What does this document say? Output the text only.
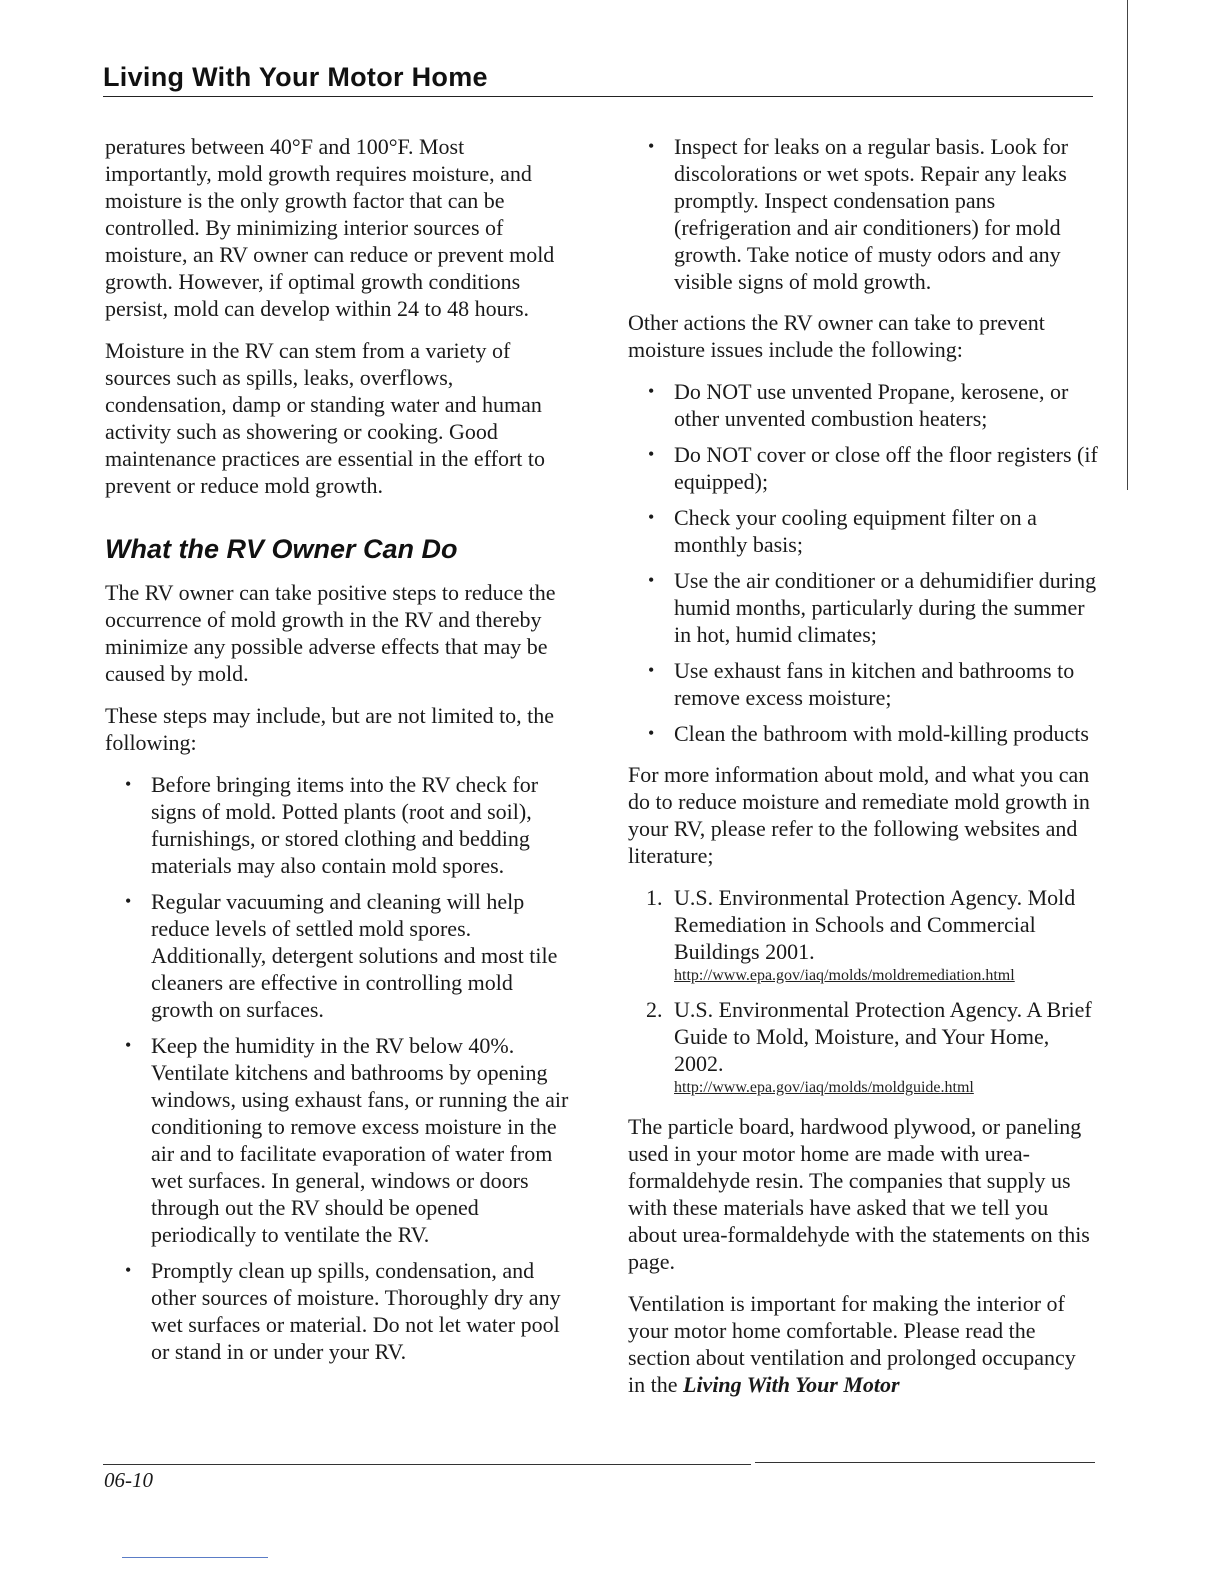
Living With Your Motor Home

peratures between 40°F and 100°F. Most importantly, mold growth requires moisture, and moisture is the only growth factor that can be controlled. By minimizing interior sources of moisture, an RV owner can reduce or prevent mold growth. However, if optimal growth conditions persist, mold can develop within 24 to 48 hours.

Moisture in the RV can stem from a variety of sources such as spills, leaks, overflows, condensation, damp or standing water and human activity such as showering or cooking. Good maintenance practices are essential in the effort to prevent or reduce mold growth.

What the RV Owner Can Do

The RV owner can take positive steps to reduce the occurrence of mold growth in the RV and thereby minimize any possible adverse effects that may be caused by mold.

These steps may include, but are not limited to, the following:

• Before bringing items into the RV check for signs of mold. Potted plants (root and soil), furnishings, or stored clothing and bedding materials may also contain mold spores.
• Regular vacuuming and cleaning will help reduce levels of settled mold spores. Additionally, detergent solutions and most tile cleaners are effective in controlling mold growth on surfaces.
• Keep the humidity in the RV below 40%. Ventilate kitchens and bathrooms by opening windows, using exhaust fans, or running the air conditioning to remove excess moisture in the air and to facilitate evaporation of water from wet surfaces. In general, windows or doors through out the RV should be opened periodically to ventilate the RV.
• Promptly clean up spills, condensation, and other sources of moisture. Thoroughly dry any wet surfaces or material. Do not let water pool or stand in or under your RV.
• Inspect for leaks on a regular basis. Look for discolorations or wet spots. Repair any leaks promptly. Inspect condensation pans (refrigeration and air conditioners) for mold growth. Take notice of musty odors and any visible signs of mold growth.

Other actions the RV owner can take to prevent moisture issues include the following:

• Do NOT use unvented Propane, kerosene, or other unvented combustion heaters;
• Do NOT cover or close off the floor registers (if equipped);
• Check your cooling equipment filter on a monthly basis;
• Use the air conditioner or a dehumidifier during humid months, particularly during the summer in hot, humid climates;
• Use exhaust fans in kitchen and bathrooms to remove excess moisture;
• Clean the bathroom with mold-killing products

For more information about mold, and what you can do to reduce moisture and remediate mold growth in your RV, please refer to the following websites and literature;

1. U.S. Environmental Protection Agency. Mold Remediation in Schools and Commercial Buildings 2001.
http://www.epa.gov/iaq/molds/moldremediation.html
2. U.S. Environmental Protection Agency. A Brief Guide to Mold, Moisture, and Your Home, 2002.
http://www.epa.gov/iaq/molds/moldguide.html

The particle board, hardwood plywood, or paneling used in your motor home are made with urea-formaldehyde resin. The companies that supply us with these materials have asked that we tell you about urea-formaldehyde with the statements on this page.

Ventilation is important for making the interior of your motor home comfortable. Please read the section about ventilation and prolonged occupancy in the Living With Your Motor

06-10
